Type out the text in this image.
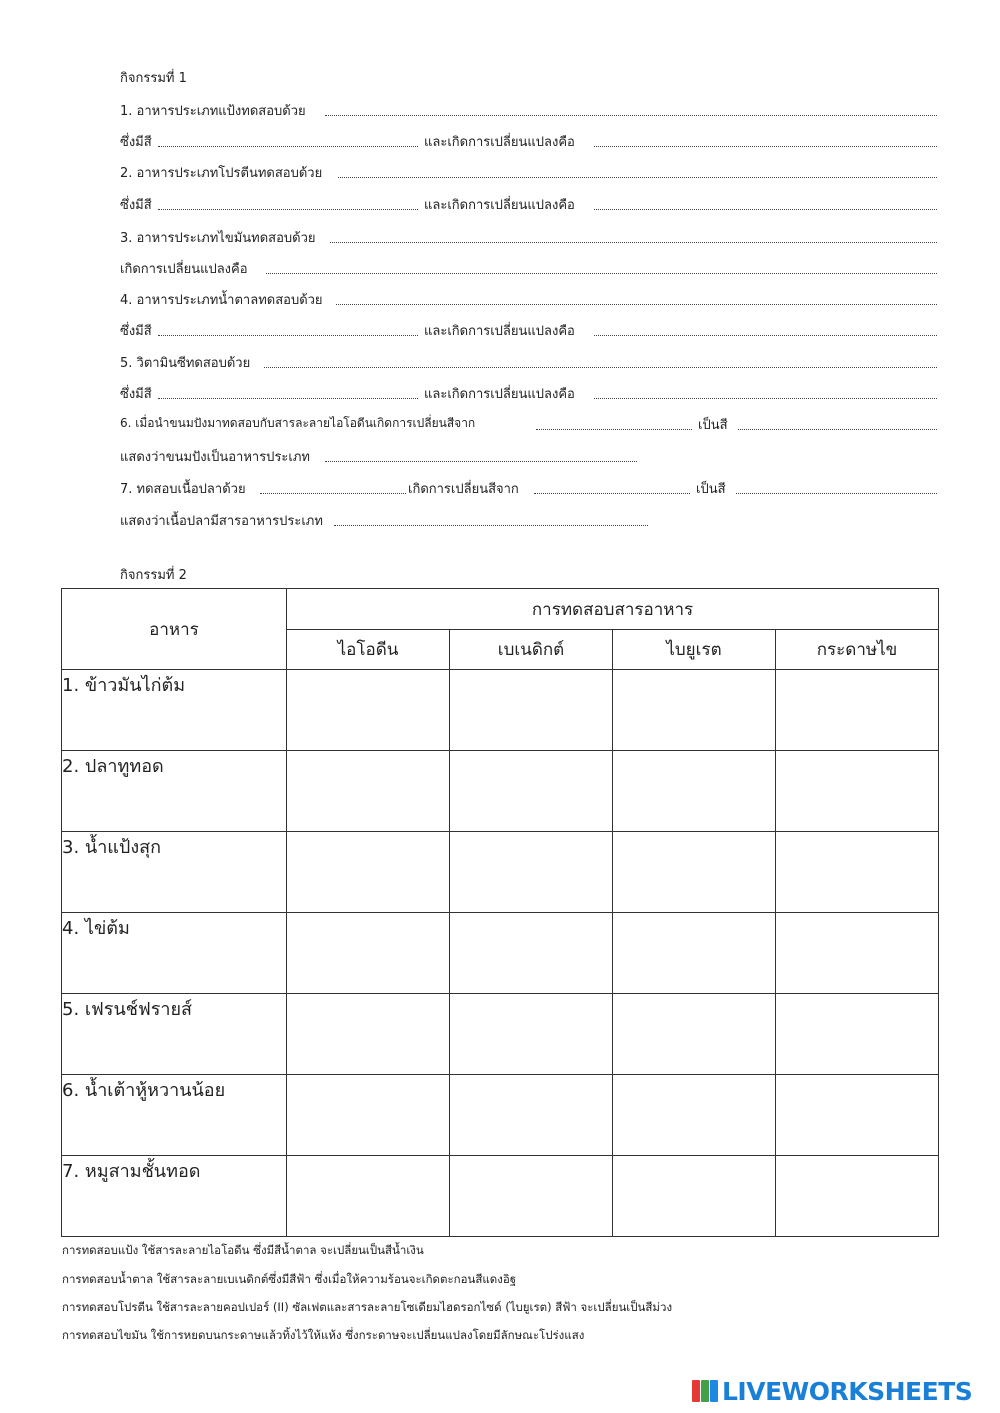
กิจกรรมที่ 1
1. อาหารประเภทแป้งทดสอบด้วย
ซึ่งมีสี	และเกิดการเปลี่ยนแปลงคือ
2. อาหารประเภทโปรตีนทดสอบด้วย
ซึ่งมีสี	และเกิดการเปลี่ยนแปลงคือ
3. อาหารประเภทไขมันทดสอบด้วย
เกิดการเปลี่ยนแปลงคือ
4. อาหารประเภทน้ำตาลทดสอบด้วย
ซึ่งมีสี	และเกิดการเปลี่ยนแปลงคือ
5. วิตามินซีทดสอบด้วย
ซึ่งมีสี	และเกิดการเปลี่ยนแปลงคือ
6. เมื่อนำขนมปังมาทดสอบกับสารละลายไอโอดีนเกิดการเปลี่ยนสีจาก	เป็นสี
แสดงว่าขนมปังเป็นอาหารประเภท
7. ทดสอบเนื้อปลาด้วย	เกิดการเปลี่ยนสีจาก	เป็นสี
แสดงว่าเนื้อปลามีสารอาหารประเภท
กิจกรรมที่ 2
อาหาร	การทดสอบสารอาหาร			
	ไอโอดีน	เบเนดิกต์	ไบยูเรต	กระดาษไข
1. ข้าวมันไก่ต้ม				
2. ปลาทูทอด				
3. น้ำแป้งสุก				
4. ไข่ต้ม				
5. เฟรนช์ฟรายส์				
6. น้ำเต้าหู้หวานน้อย				
7. หมูสามชั้นทอด				
การทดสอบแป้ง ใช้สารละลายไอโอดีน ซึ่งมีสีน้ำตาล จะเปลี่ยนเป็นสีน้ำเงิน
การทดสอบน้ำตาล ใช้สารละลายเบเนดิกต์ซึ่งมีสีฟ้า ซึ่งเมื่อให้ความร้อนจะเกิดตะกอนสีแดงอิฐ
การทดสอบโปรตีน ใช้สารละลายคอปเปอร์ (II) ซัลเฟตและสารละลายโซเดียมไฮดรอกไซด์ (ไบยูเรต) สีฟ้า จะเปลี่ยนเป็นสีม่วง
การทดสอบไขมัน ใช้การหยดบนกระดาษแล้วทิ้งไว้ให้แห้ง ซึ่งกระดาษจะเปลี่ยนแปลงโดยมีลักษณะโปร่งแสง
LIVEWORKSHEETS
